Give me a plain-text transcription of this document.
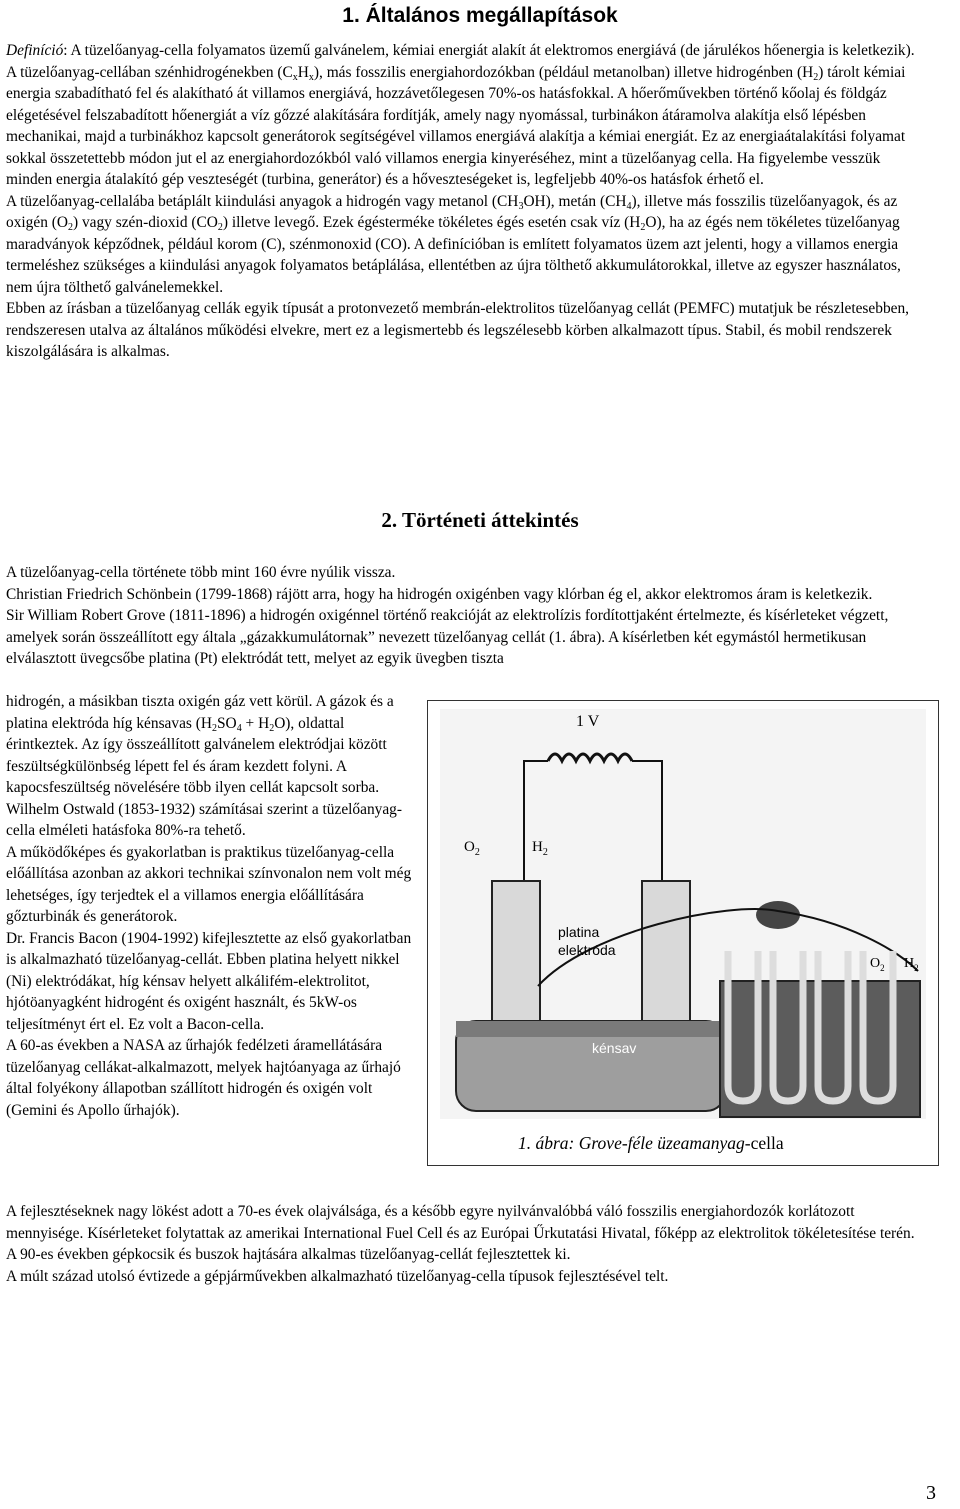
1. Általános megállapítások

Definíció: A tüzelőanyag-cella folyamatos üzemű galvánelem, kémiai energiát alakít át elektromos energiává (de járulékos hőenergia is keletkezik).

A tüzelőanyag-cellában szénhidrogénekben $(C_xH_x)$, más fosszilis energiahordozókban (például metanolban) illetve hidrogénben $(H_2)$ tárolt kémiai energia szabadítható fel és alakítható át villamos energiává, hozzávetőlegesen 70%-os hatásfokkal. A hőerőművekben történő kőolaj és földgáz elégetésével felszabadított hőenergiát a víz gőzzé alakítására fordítják, amely nagy nyomással, turbinákon átáramolva alakítja első lépésben mechanikai, majd a turbinákhoz kapcsolt generátorok segítségével villamos energiává alakítja a kémiai energiát. Ez az energiaátalakítási folyamat sokkal összetettebb módon jut el az energiahordozókból való villamos energia kinyeréséhez, mint a tüzelőanyag cella. Ha figyelembe vesszük minden energia átalakító gép veszteségét (turbina, generátor) és a hőveszteségeket is, legfeljebb 40%-os hatásfok érhető el.

A tüzelőanyag-cellalába betáplált kiindulási anyagok a hidrogén vagy metanol $(CH_3OH)$, metán $(CH_4)$, illetve más fosszilis tüzelőanyagok, és az oxigén $(O_2)$ vagy szén-dioxid $(CO_2)$ illetve levegő. Ezek égésterméke tökéletes égés esetén csak víz $(H_2O)$, ha az égés nem tökéletes tüzelőanyag maradványok képződnek, például korom (C), szénmonoxid (CO). A definícióban is említett folyamatos üzem azt jelenti, hogy a villamos energia termeléshez szükséges a kiindulási anyagok folyamatos betáplálása, ellentétben az újra tölthető akkumulátorokkal, illetve az egyszer használatos, nem újra tölthető galvánelemekkel.

Ebben az írásban a tüzelőanyag cellák egyik típusát a protonvezető membrán-elektrolitos tüzelőanyag cellát (PEMFC) mutatjuk be részletesebben, rendszeresen utalva az általános működési elvekre, mert ez a legismertebb és legszélesebb körben alkalmazott típus. Stabil, és mobil rendszerek kiszolgálására is alkalmas.

2. Történeti áttekintés

A tüzelőanyag-cella története több mint 160 évre nyúlik vissza.

Christian Friedrich Schönbein (1799-1868) rájött arra, hogy ha hidrogén oxigénben vagy klórban ég el, akkor elektromos áram is keletkezik.

Sir William Robert Grove (1811-1896) a hidrogén oxigénnel történő reakcióját az elektrolízis fordítottjaként értelmezte, és kísérleteket végzett, amelyek során összeállított egy általa „gázakkumulátornak” nevezett tüzelőanyag cellát (1. ábra). A kísérletben két egymástól hermetikusan elválasztott üvegcsőbe platina (Pt) elektródát tett, melyet az egyik üvegben tiszta

hidrogén, a másikban tiszta oxigén gáz vett körül. A gázok és a platina elektróda híg kénsavas $(H_2SO_4 + H_2O)$, oldattal érintkeztek. Az így összeállított galvánelem elektródjai között feszültségkülönbség lépett fel és áram kezdett folyni. A kapocsfeszültség növelésére több ilyen cellát kapcsolt sorba.

Wilhelm Ostwald (1853-1932) számításai szerint a tüzelőanyag-cella elméleti hatásfoka 80%-ra tehető.

A működőképes és gyakorlatban is praktikus tüzelőanyag-cella előállítása azonban az akkori technikai színvonalon nem volt még lehetséges, így terjedtek el a villamos energia előállítására gőzturbinák és generátorok.

Dr. Francis Bacon (1904-1992) kifejlesztette az első gyakorlatban is alkalmazható tüzelőanyag-cellát. Ebben platina helyett nikkel (Ni) elektródákat, híg kénsav helyett alkálifém-elektrolitot, hjótöanyagként hidrogént és oxigént használt, és 5kW-os teljesítményt ért el. Ez volt a Bacon-cella.

A 60-as években a NASA az űrhajók fedélzeti áramellátására tüzelőanyag cellákat-alkalmazott, melyek hajtóanyaga az űrhajó által folyékony állapotban szállított hidrogén és oxigén volt (Gemini és Apollo űrhajók).

A fejlesztéseknek nagy lökést adott a 70-es évek olajválsága, és a később egyre nyilvánvalóbbá váló fosszilis energiahordozók korlátozott mennyisége. Kísérleteket folytattak az amerikai International Fuel Cell és az Európai Űrkutatási Hivatal, főképp az elektrolitok tökéletesítése terén.

A 90-es években gépkocsik és buszok hajtására alkalmas tüzelőanyag-cellát fejlesztettek ki.

A múlt század utolsó évtizede a gépjárművekben alkalmazható tüzelőanyag-cella típusok fejlesztésével telt.

1 V
$O_2$	$H_2$
platina
elektróda
kénsav
$O_2$ $H_2$
1. ábra: Grove-féle üzeamanyag-cella
3
